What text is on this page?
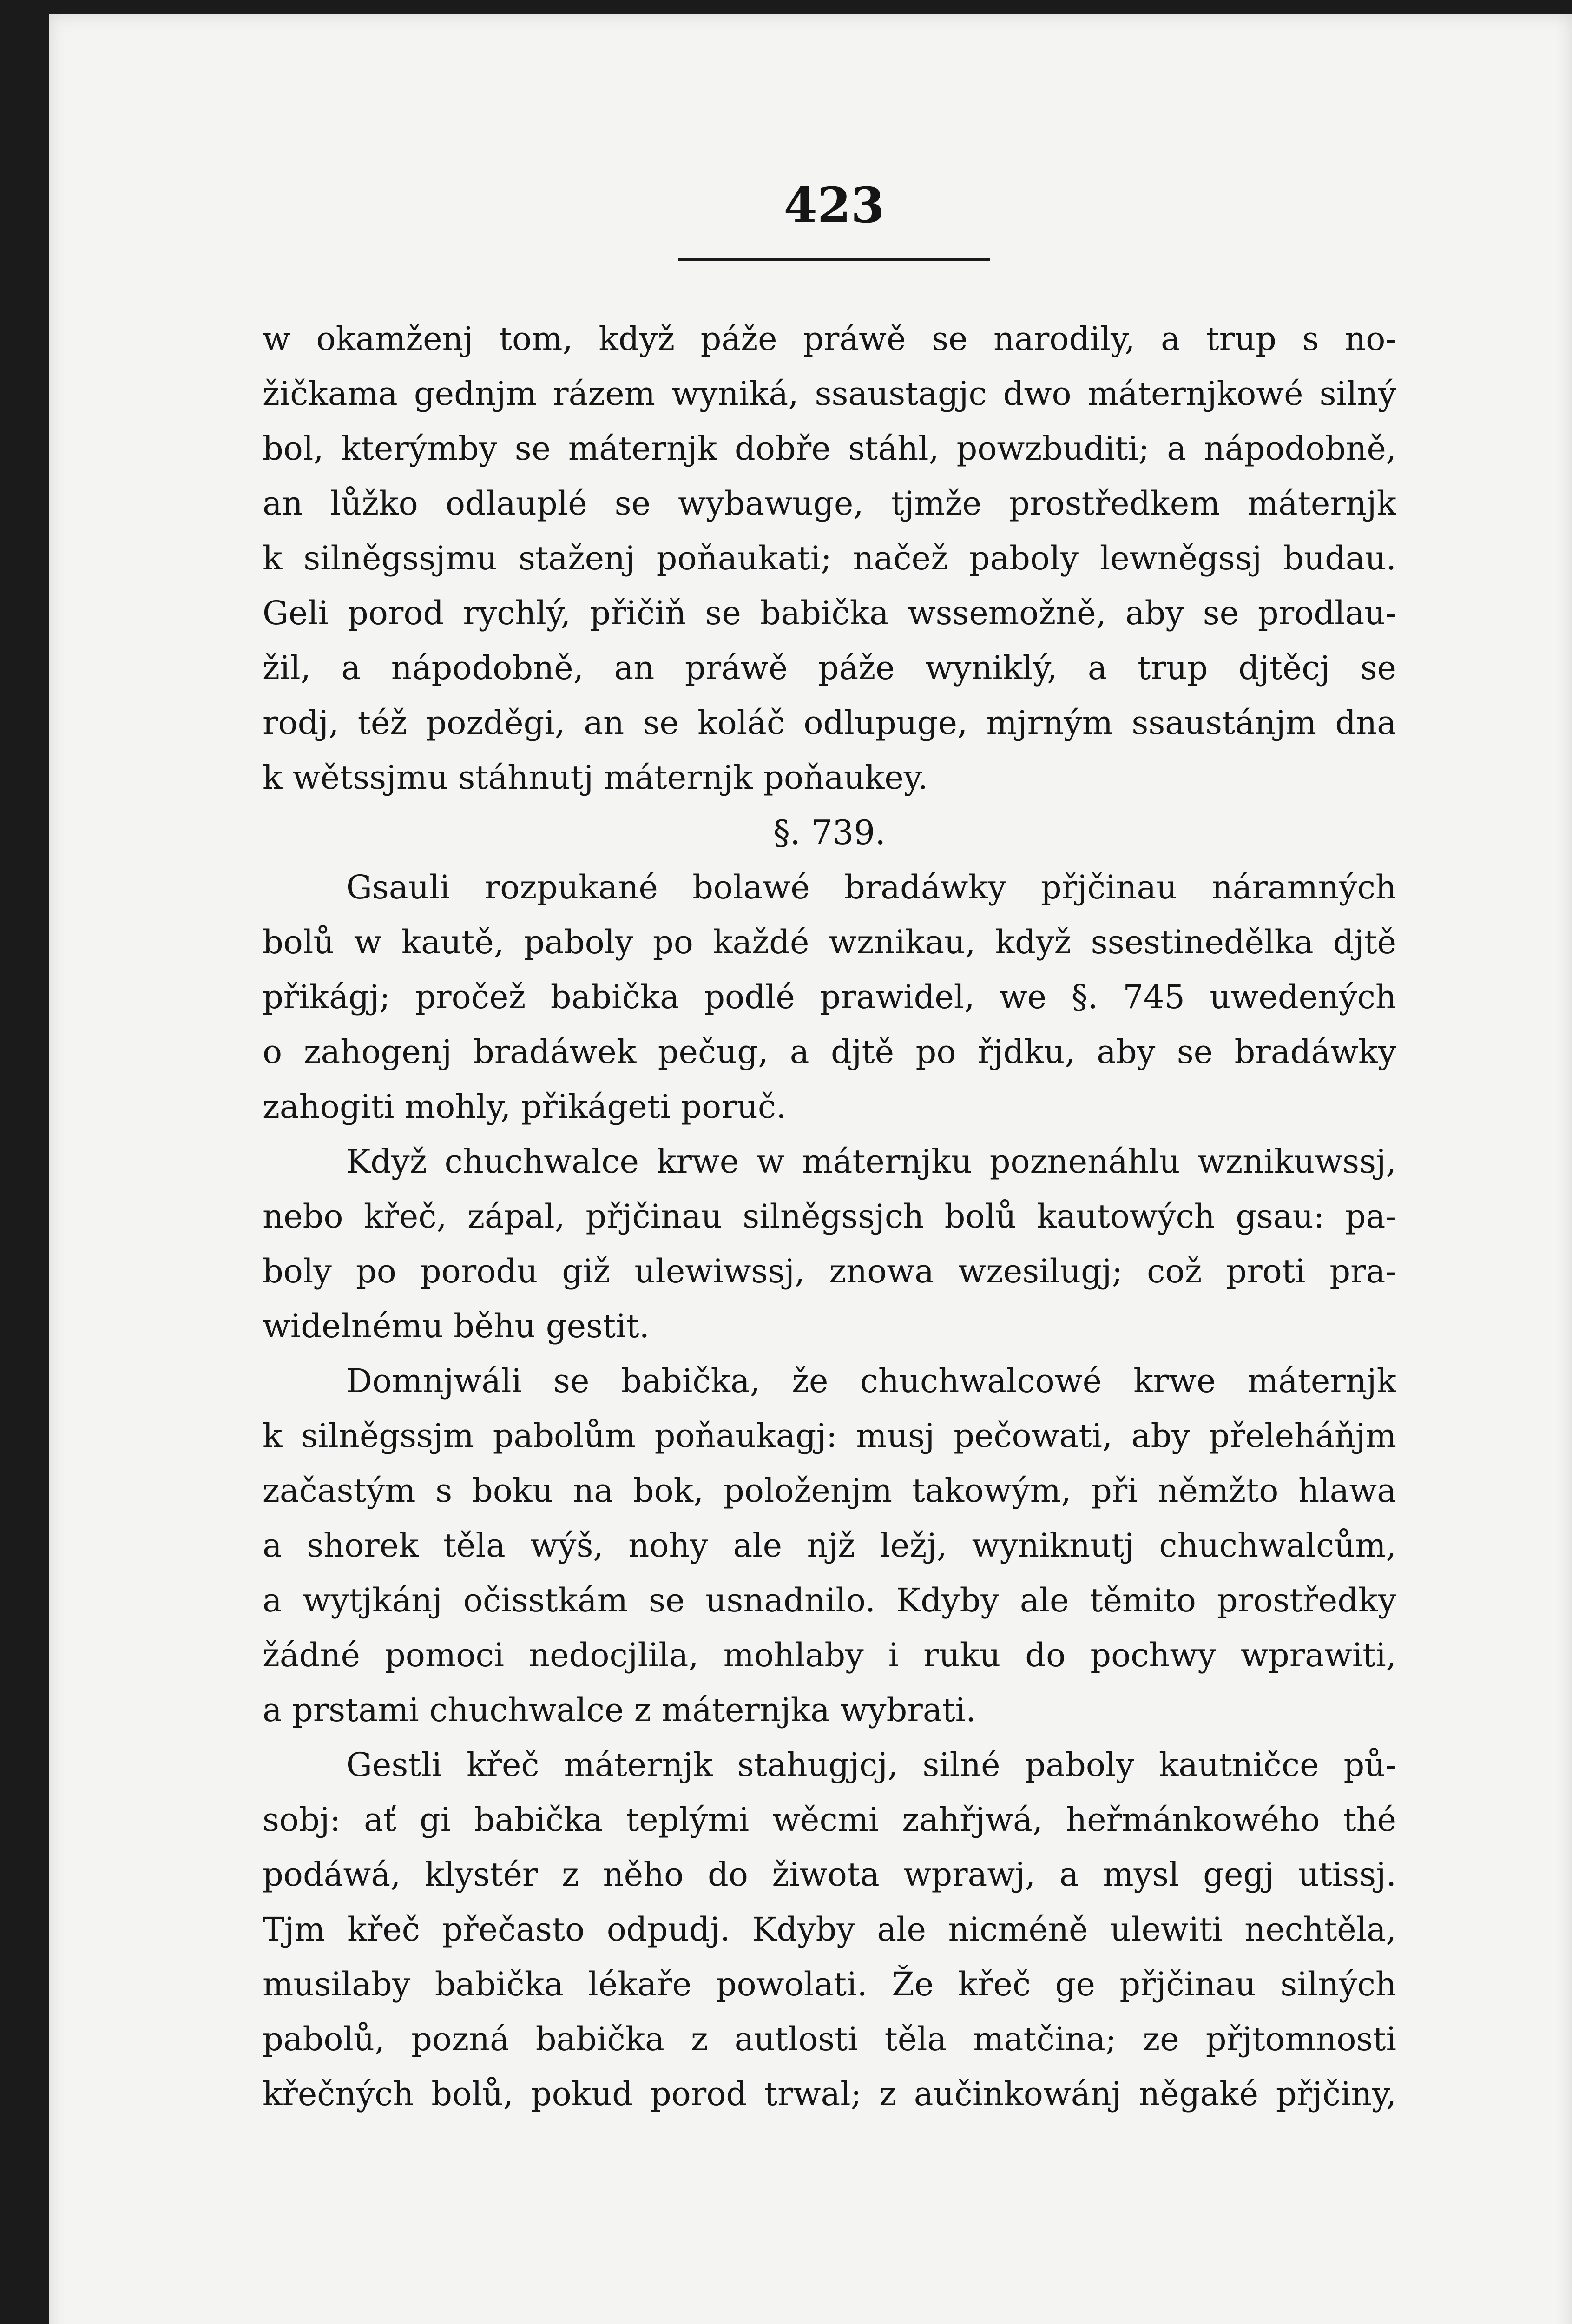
423
w okamženj tom, když páže práwě se narodily, a trup s no-
žičkama gednjm rázem wyniká, ssaustagjc dwo máternjkowé silný
bol, kterýmby se máternjk dobře stáhl, powzbuditi; a nápodobně,
an lůžko odlauplé se wybawuge, tjmže prostředkem máternjk
k silněgssjmu staženj poňaukati; načež paboly lewněgssj budau.
Geli porod rychlý, přičiň se babička wssemožně, aby se prodlau-
žil, a nápodobně, an práwě páže wyniklý, a trup djtěcj se
rodj, též pozděgi, an se koláč odlupuge, mjrným ssaustánjm dna
k wětssjmu stáhnutj máternjk poňaukey.
§. 739.
Gsauli rozpukané bolawé bradáwky přjčinau náramných
bolů w kautě, paboly po každé wznikau, když ssestinedělka djtě
přikágj; pročež babička podlé prawidel, we §. 745 uwedených
o zahogenj bradáwek pečug, a djtě po řjdku, aby se bradáwky
zahogiti mohly, přikágeti poruč.
Když chuchwalce krwe w máternjku poznenáhlu wznikuwssj,
nebo křeč, zápal, přjčinau silněgssjch bolů kautowých gsau: pa-
boly po porodu giž ulewiwssj, znowa wzesilugj; což proti pra-
widelnému běhu gestit.
Domnjwáli se babička, že chuchwalcowé krwe máternjk
k silněgssjm pabolům poňaukagj: musj pečowati, aby přeleháňjm
začastým s boku na bok, položenjm takowým, při němžto hlawa
a shorek těla wýš, nohy ale njž ležj, wyniknutj chuchwalcům,
a wytjkánj očisstkám se usnadnilo. Kdyby ale těmito prostředky
žádné pomoci nedocjlila, mohlaby i ruku do pochwy wprawiti,
a prstami chuchwalce z máternjka wybrati.
Gestli křeč máternjk stahugjcj, silné paboly kautničce pů-
sobj: ať gi babička teplými wěcmi zahřjwá, heřmánkowého thé
podáwá, klystér z něho do žiwota wprawj, a mysl gegj utissj.
Tjm křeč přečasto odpudj. Kdyby ale nicméně ulewiti nechtěla,
musilaby babička lékaře powolati. Že křeč ge přjčinau silných
pabolů, pozná babička z autlosti těla matčina; ze přjtomnosti
křečných bolů, pokud porod trwal; z aučinkowánj něgaké přjčiny,
